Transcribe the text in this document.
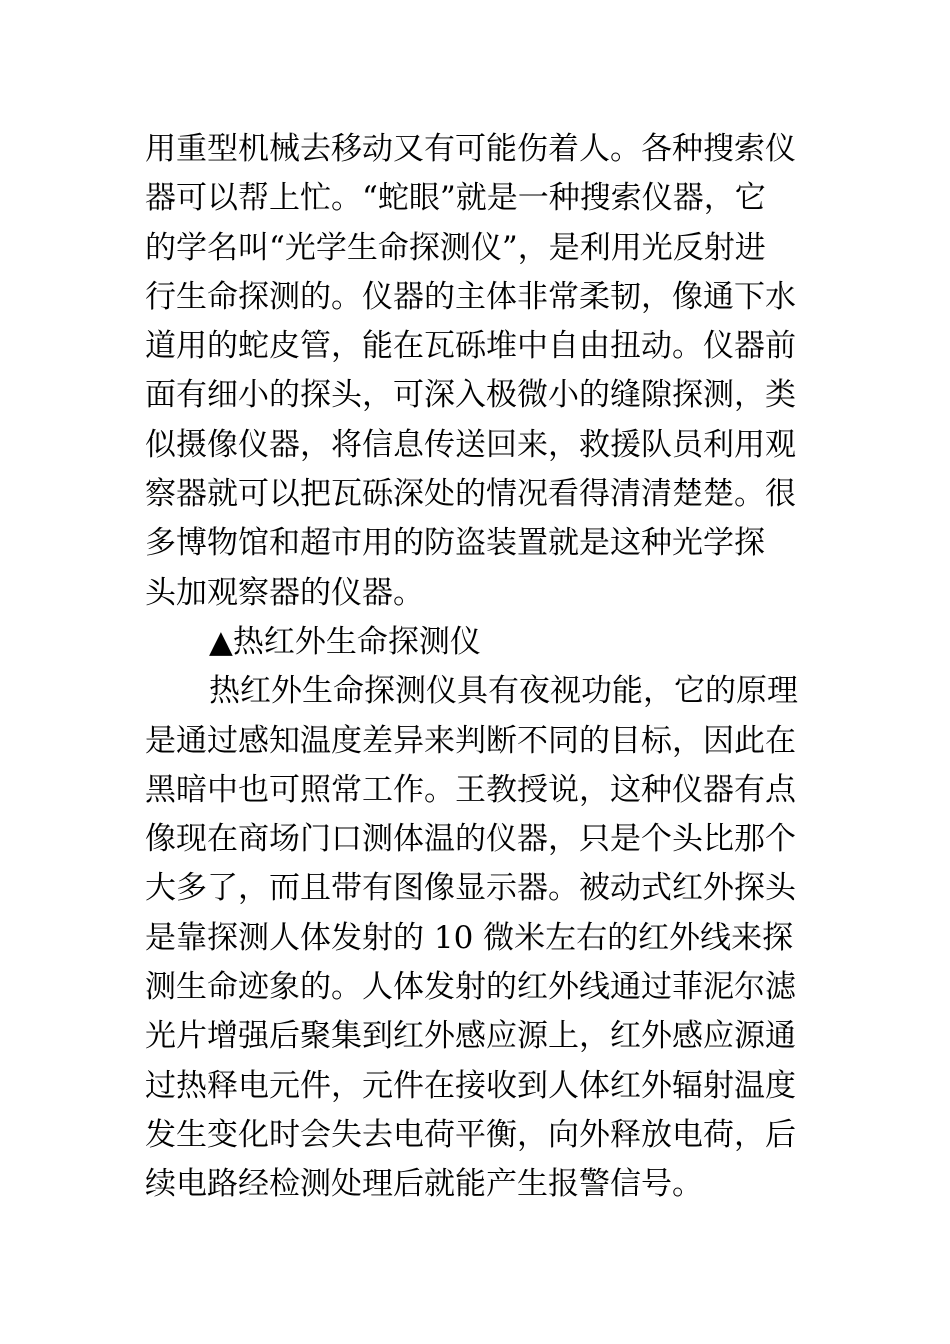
用重型机械去移动又有可能伤着人。各种搜索仪
器可以帮上忙。“蛇眼”就是一种搜索仪器，它
的学名叫“光学生命探测仪”，是利用光反射进
行生命探测的。仪器的主体非常柔韧，像通下水
道用的蛇皮管，能在瓦砾堆中自由扭动。仪器前
面有细小的探头，可深入极微小的缝隙探测，类
似摄像仪器，将信息传送回来，救援队员利用观
察器就可以把瓦砾深处的情况看得清清楚楚。很
多博物馆和超市用的防盗装置就是这种光学探
头加观察器的仪器。
▲热红外生命探测仪
热红外生命探测仪具有夜视功能，它的原理
是通过感知温度差异来判断不同的目标，因此在
黑暗中也可照常工作。王教授说，这种仪器有点
像现在商场门口测体温的仪器，只是个头比那个
大多了，而且带有图像显示器。被动式红外探头
是靠探测人体发射的 10 微米左右的红外线来探
测生命迹象的。人体发射的红外线通过菲泥尔滤
光片增强后聚集到红外感应源上，红外感应源通
过热释电元件，元件在接收到人体红外辐射温度
发生变化时会失去电荷平衡，向外释放电荷，后
续电路经检测处理后就能产生报警信号。
